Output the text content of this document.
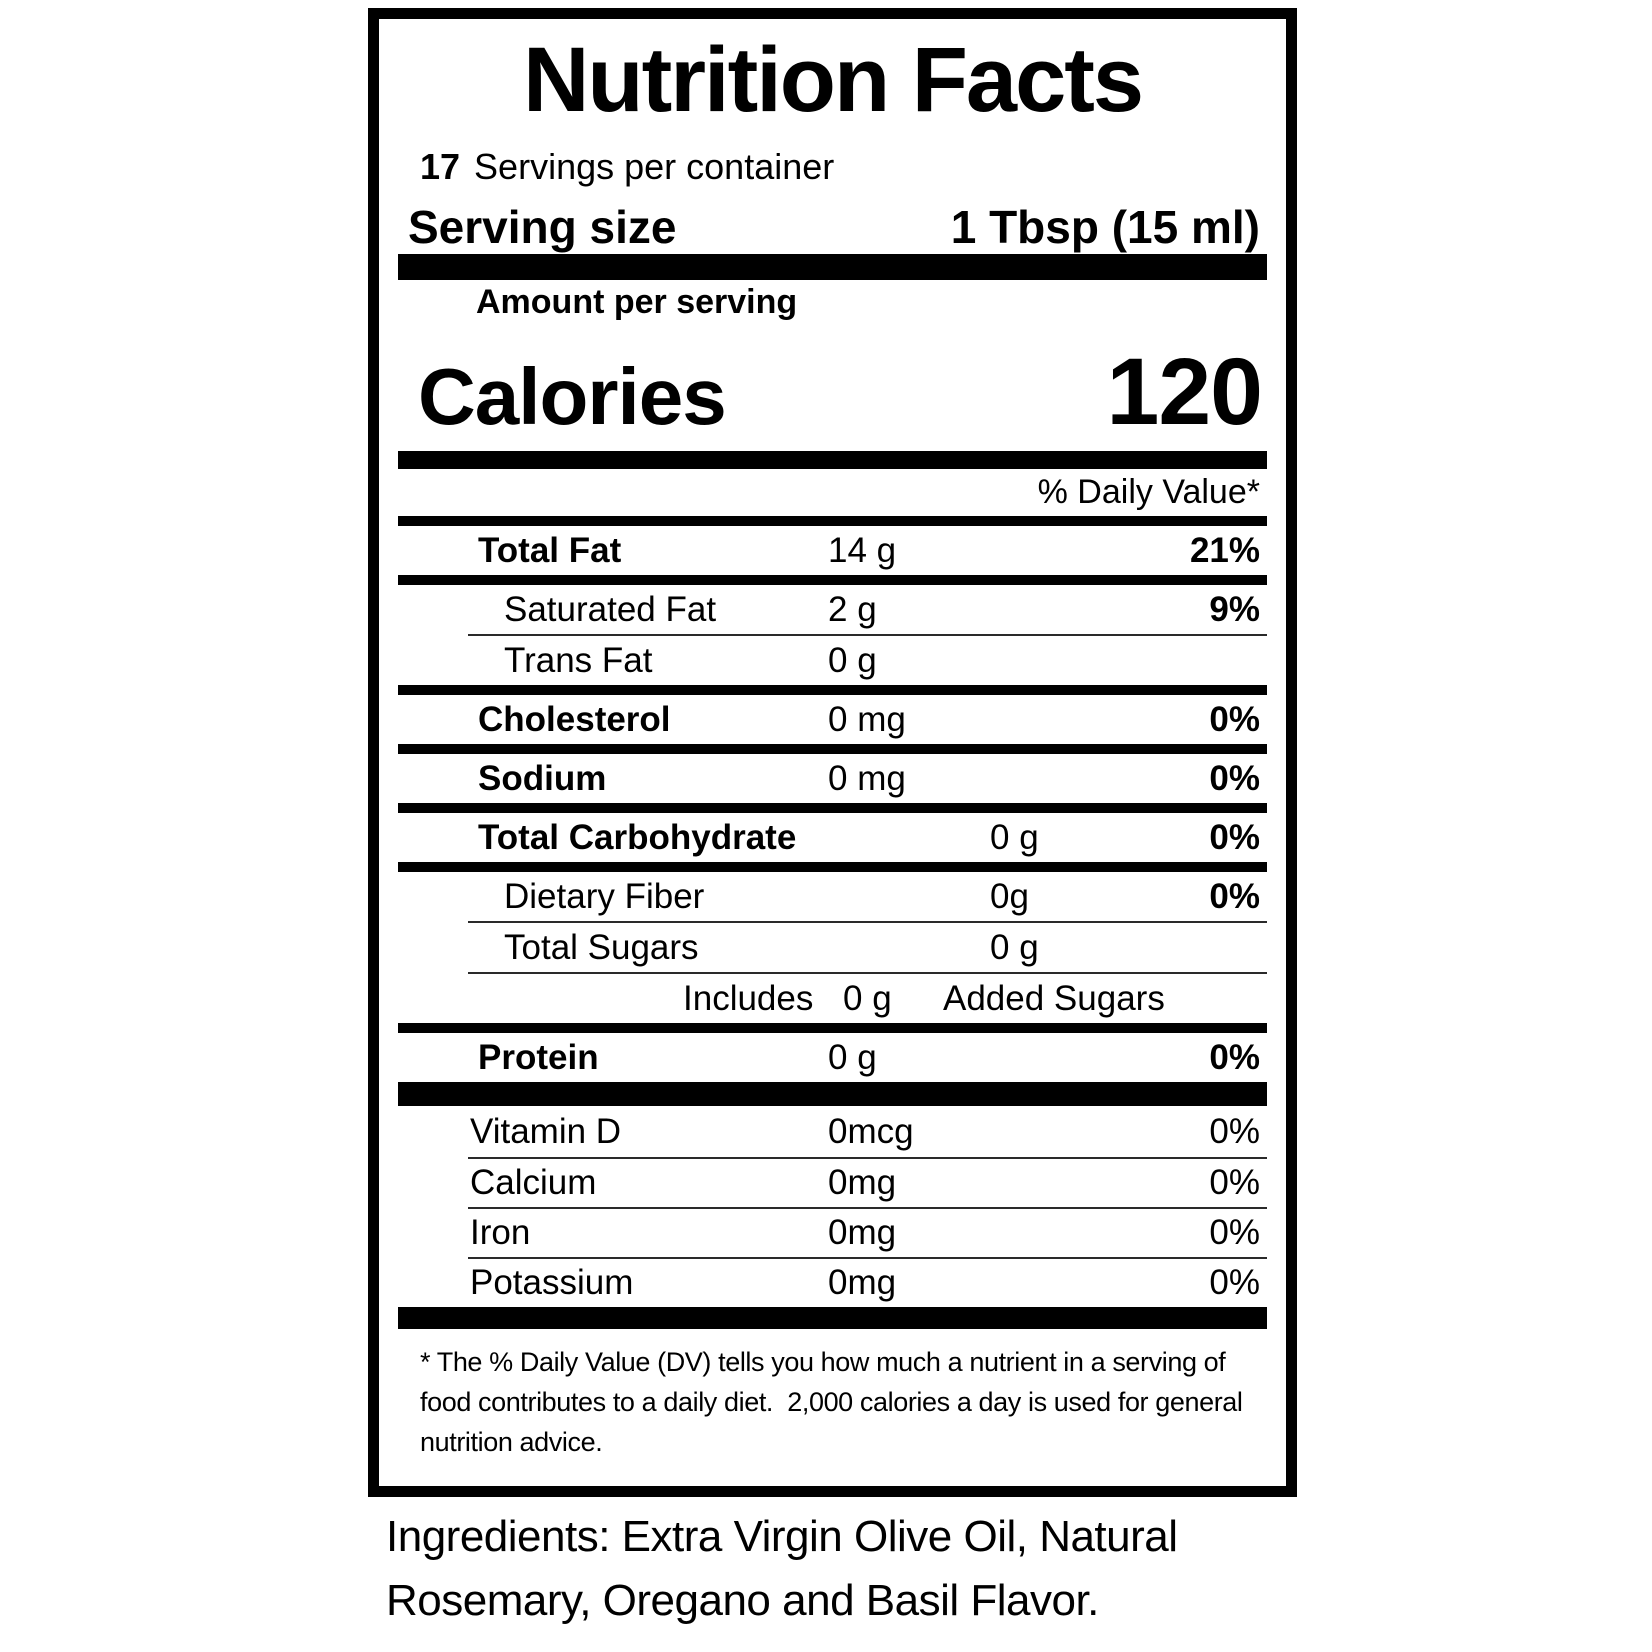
Nutrition Facts
17 Servings per container
Serving size	1 Tbsp (15 ml)
Amount per serving
Calories	120
% Daily Value*
Total Fat	14 g	21%
Saturated Fat	2 g	9%
Trans Fat	0 g
Cholesterol	0 mg	0%
Sodium	0 mg	0%
Total Carbohydrate	0 g	0%
Dietary Fiber	0g	0%
Total Sugars	0 g
Includes 0 g Added Sugars
Protein	0 g	0%
Vitamin D	0mcg	0%
Calcium	0mg	0%
Iron	0mg	0%
Potassium	0mg	0%
* The % Daily Value (DV) tells you how much a nutrient in a serving of
food contributes to a daily diet.  2,000 calories a day is used for general
nutrition advice.
Ingredients: Extra Virgin Olive Oil, Natural Rosemary, Oregano and Basil Flavor.
